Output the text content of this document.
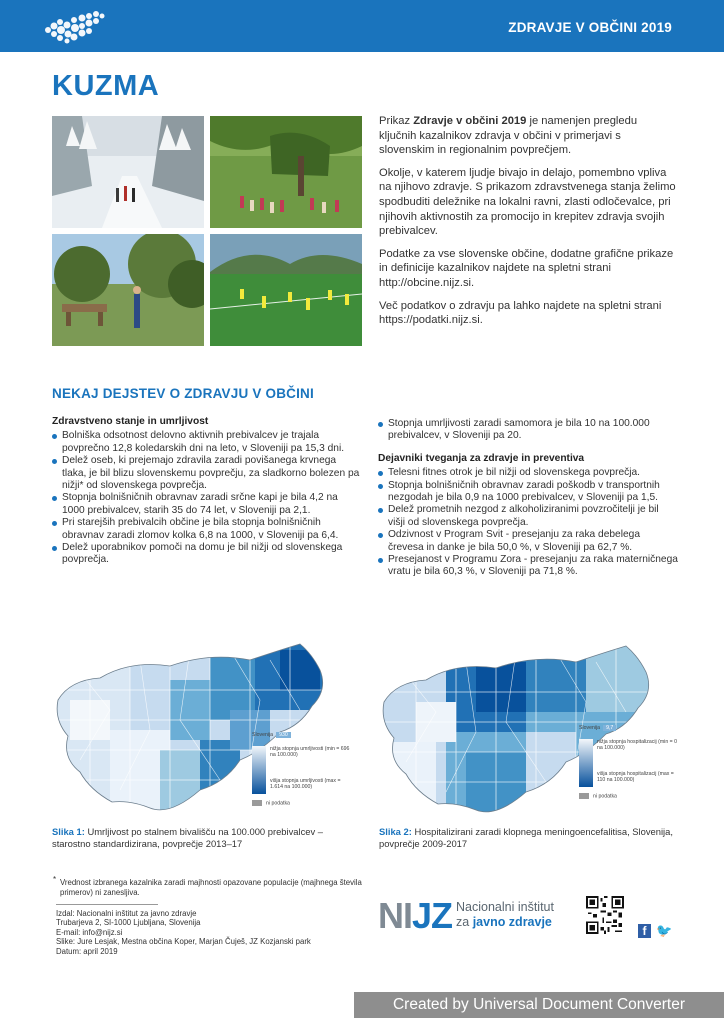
ZDRAVJE V OBČINI 2019
KUZMA

Prikaz Zdravje v občini 2019 je namenjen pregledu ključnih kazalnikov zdravja v občini v primerjavi s slovenskim in regionalnim povprečjem.

Okolje, v katerem ljudje bivajo in delajo, pomembno vpliva na njihovo zdravje. S prikazom zdravstvenega stanja želimo spodbuditi deležnike na lokalni ravni, zlasti odločevalce, pri njihovih aktivnostih za promocijo in krepitev zdravja svojih prebivalcev.

Podatke za vse slovenske občine, dodatne grafične prikaze in definicije kazalnikov najdete na spletni strani http://obcine.nijz.si.

Več podatkov o zdravju pa lahko najdete na spletni strani https://podatki.nijz.si.

NEKAJ DEJSTEV O ZDRAVJU V OBČINI
Zdravstveno stanje in umrljivost
Bolniška odsotnost delovno aktivnih prebivalcev je trajala povprečno 12,8 koledarskih dni na leto, v Sloveniji pa 15,3 dni.
Delež oseb, ki prejemajo zdravila zaradi povišanega krvnega tlaka, je bil blizu slovenskemu povprečju, za sladkorno bolezen pa nižji* od slovenskega povprečja.
Stopnja bolnišničnih obravnav zaradi srčne kapi je bila 4,2 na 1000 prebivalcev, starih 35 do 74 let, v Sloveniji pa 2,1.
Pri starejših prebivalcih občine je bila stopnja bolnišničnih obravnav zaradi zlomov kolka 6,8 na 1000, v Sloveniji pa 6,4.
Delež uporabnikov pomoči na domu je bil nižji od slovenskega povprečja.
Stopnja umrljivosti zaradi samomora je bila 10 na 100.000 prebivalcev, v Sloveniji pa 20.
Dejavniki tveganja za zdravje in preventiva
Telesni fitnes otrok je bil nižji od slovenskega povprečja.
Stopnja bolnišničnih obravnav zaradi poškodb v transportnih nezgodah je bila 0,9 na 1000 prebivalcev, v Sloveniji pa 1,5.
Delež prometnih nezgod z alkoholiziranimi povzročitelji je bil višji od slovenskega povprečja.
Odzivnost v Program Svit - presejanju za raka debelega črevesa in danke je bila 50,0 %, v Sloveniji pa 62,7 %.
Presejanost v Programu Zora - presejanju za raka materničnega vratu je bila 60,3 %, v Sloveniji pa 71,8 %.
Slovenija 930
nižja stopnja umrljivosti (min = 696 na 100.000)
višja stopnja umrljivosti (max = 1.614 na 100.000)
ni podatka
Slovenija 9,7
nižja stopnja hospitalizacij (min = 0 na 100.000)
višja stopnja hospitalizacij (max = 110 na 100.000)
ni podatka
Slika 1: Umrljivost po stalnem bivališču na 100.000 prebivalcev – starostno standardizirana, povprečje 2013–17
Slika 2: Hospitalizirani zaradi klopnega meningoencefalitisa, Slovenija, povprečje 2009-2017
* Vrednost izbranega kazalnika zaradi majhnosti opazovane populacije (majhnega števila primerov) ni zanesljiva.
Izdal: Nacionalni inštitut za javno zdravje
Trubarjeva 2, SI-1000 Ljubljana, Slovenija
E-mail: info@nijz.si
Slike: Jure Lesjak, Mestna občina Koper, Marjan Čuješ, JZ Kozjanski park
Datum: april 2019
NIJZ Nacionalni inštitut
za javno zdravje
f 🐦
Created by Universal Document Converter
